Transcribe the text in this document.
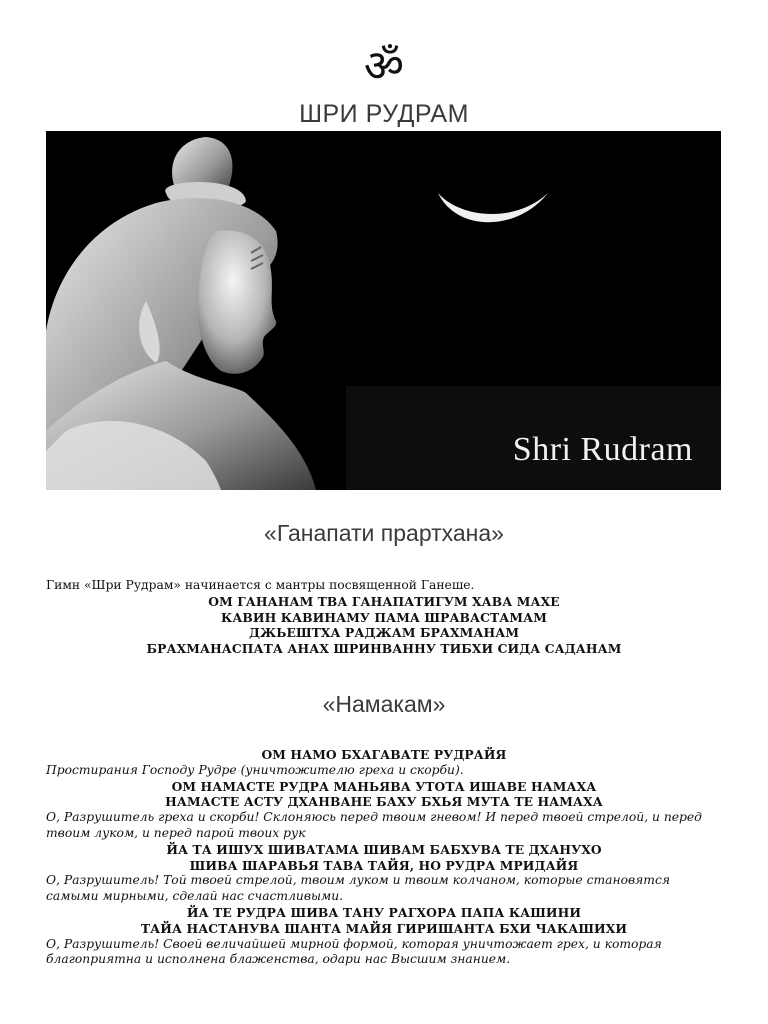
ॐ
ШРИ РУДРАМ
Shri Rudram
«Ганапати прартхана»

Гимн «Шри Рудрам» начинается с мантры посвященной Ганеше.

ОМ ГАНАНАМ ТВА ГАНАПАТИГУМ ХАВА МАХЕ

КАВИН КАВИНАМУ ПАМА ШРАВАСТАМАМ

ДЖЬЕШТХА РАДЖАМ БРАХМАНАМ

БРАХМАНАСПАТА АНАХ ШРИНВАННУ ТИБХИ СИДА САДАНАМ

«Намакам»

ОМ НАМО БХАГАВАТЕ РУДРАЙЯ

Простирания Господу Рудре (уничтожителю греха и скорби).

ОМ НАМАСТЕ РУДРА МАНЬЯВА УТОТА ИШАВЕ НАМАХА

НАМАСТЕ АСТУ ДХАНВАНЕ БАХУ БХЬЯ МУТА ТЕ НАМАХА

О, Разрушитель греха и скорби! Склоняюсь перед твоим гневом! И перед твоей стрелой, и перед твоим луком, и перед парой твоих рук

ЙА ТА ИШУХ ШИВАТАМА ШИВАМ БАБХУВА ТЕ ДХАНУХО

ШИВА ШАРАВЬЯ ТАВА ТАЙЯ, НО РУДРА МРИДАЙЯ

О, Разрушитель! Той твоей стрелой, твоим луком и твоим колчаном, которые становятся самыми мирными, сделай нас счастливыми.

ЙА ТЕ РУДРА ШИВА ТАНУ РАГХОРА ПАПА КАШИНИ

ТАЙА НАСТАНУВА ШАНТА МАЙЯ ГИРИШАНТА БХИ ЧАКАШИХИ

О, Разрушитель! Своей величайшей мирной формой, которая уничтожает грех, и которая благоприятна и исполнена блаженства, одари нас Высшим знанием.
